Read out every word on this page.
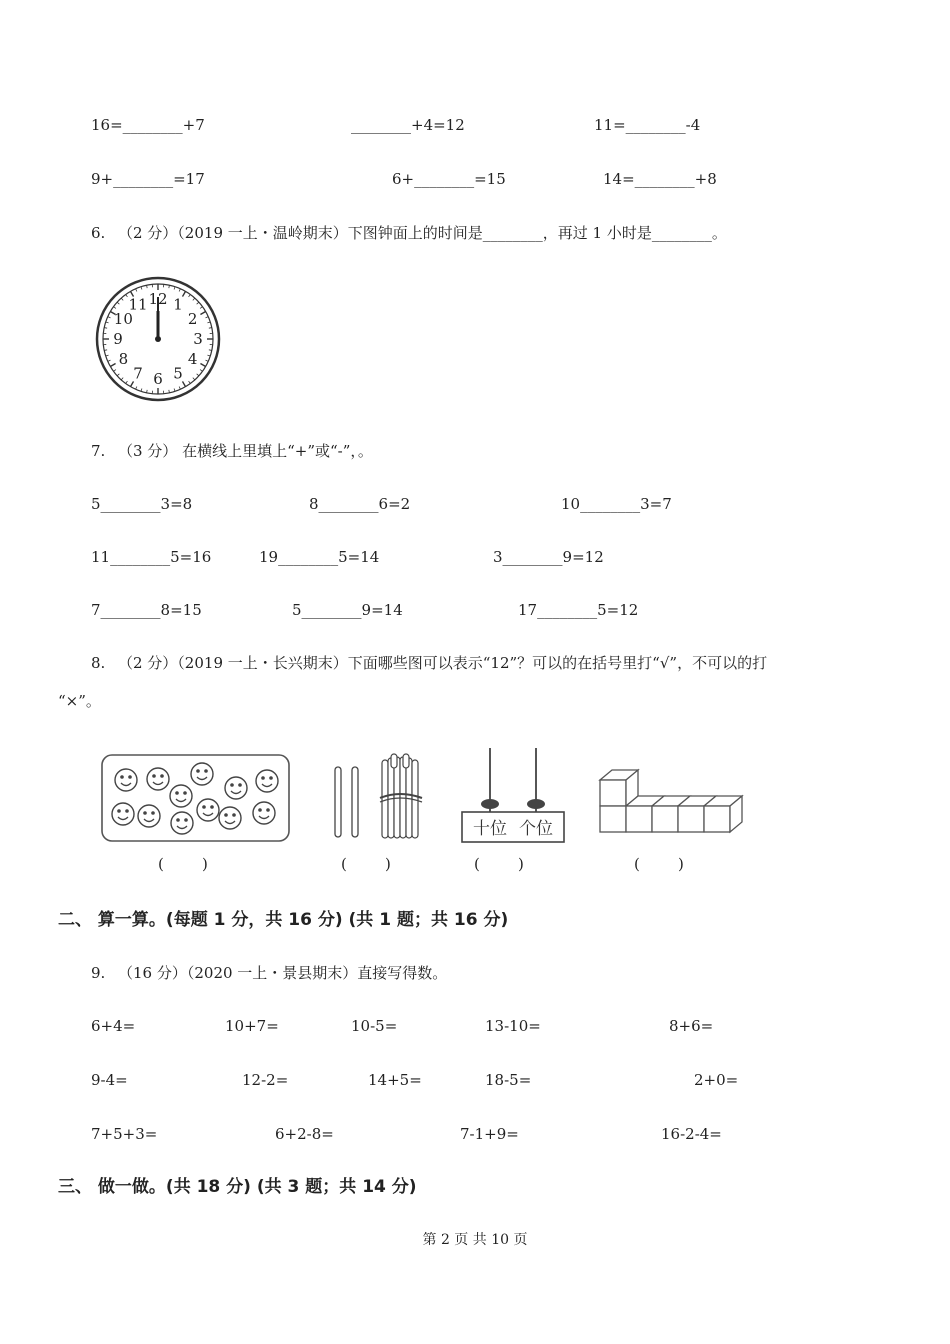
16=________+7	________+4=12	11=________-4
9+________=17	6+________=15	14=________+8
6. （2 分）（2019 一上・温岭期末）下图钟面上的时间是________，再过 1 小时是________。
12 1
2
3
4
5
6
7
8
9
10
11
7. （3 分） 在横线上里填上“+”或“-”，。
5________3=8	8________6=2	10________3=7
11________5=16	19________5=14	3________9=12
7________8=15	5________9=14	17________5=12
8. （2 分）（2019 一上・长兴期末）下面哪些图可以表示“12”？可以的在括号里打“√”，不可以的打
“×”。
(        )	(        )
十位 个位
(        )	(        )
二、 算一算。(每题 1 分，共 16 分) (共 1 题；共 16 分)
9. （16 分）（2020 一上・景县期末）直接写得数。
6+4=	10+7=	10-5=	13-10=	8+6=
9-4=	12-2=	14+5=	18-5=	2+0=
7+5+3=	6+2-8=	7-1+9=	16-2-4=
三、 做一做。(共 18 分) (共 3 题；共 14 分)
第 2 页 共 10 页
